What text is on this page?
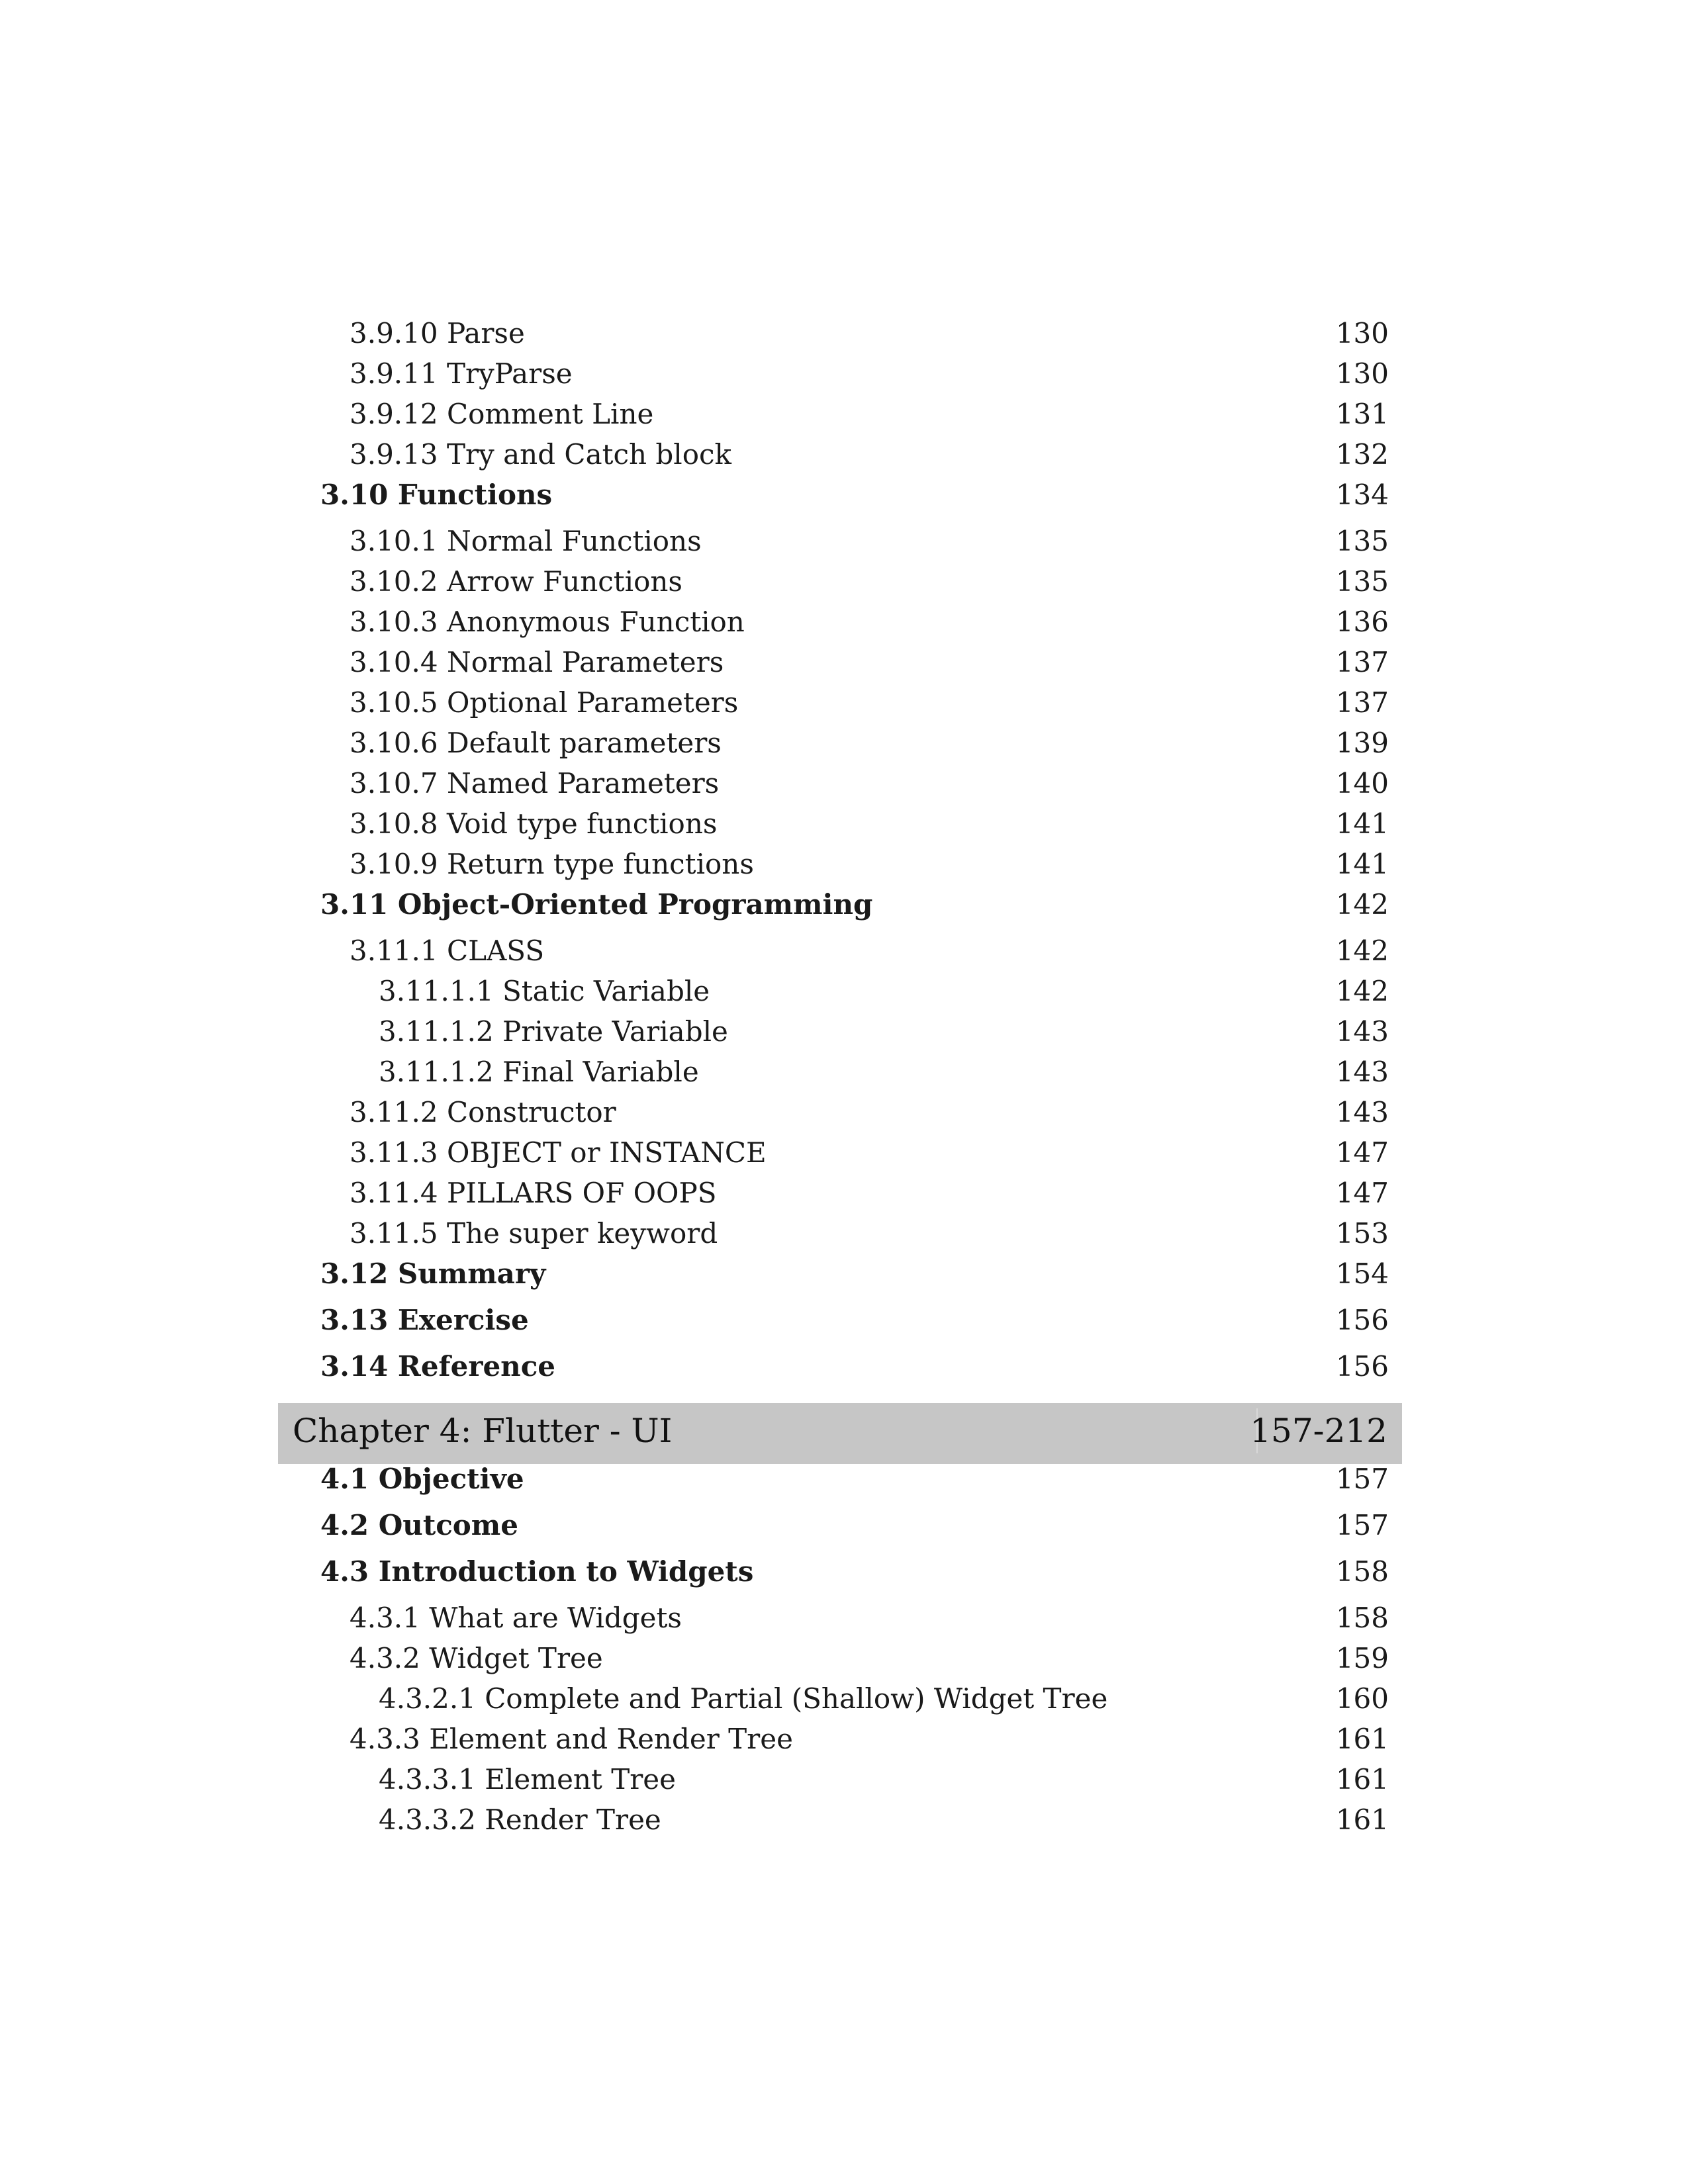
3.9.10 Parse	130
3.9.11 TryParse	130
3.9.12 Comment Line	131
3.9.13 Try and Catch block	132
3.10 Functions	134
3.10.1 Normal Functions	135
3.10.2 Arrow Functions	135
3.10.3 Anonymous Function	136
3.10.4 Normal Parameters	137
3.10.5 Optional Parameters	137
3.10.6 Default parameters	139
3.10.7 Named Parameters	140
3.10.8 Void type functions	141
3.10.9 Return type functions	141
3.11 Object-Oriented Programming	142
3.11.1 CLASS	142
3.11.1.1 Static Variable	142
3.11.1.2 Private Variable	143
3.11.1.2 Final Variable	143
3.11.2 Constructor	143
3.11.3 OBJECT or INSTANCE	147
3.11.4 PILLARS OF OOPS	147
3.11.5 The super keyword	153
3.12 Summary	154
3.13 Exercise	156
3.14 Reference	156
Chapter 4: Flutter - UI	157-212
4.1 Objective	157
4.2 Outcome	157
4.3 Introduction to Widgets	158
4.3.1 What are Widgets	158
4.3.2 Widget Tree	159
4.3.2.1 Complete and Partial (Shallow) Widget Tree	160
4.3.3 Element and Render Tree	161
4.3.3.1 Element Tree	161
4.3.3.2 Render Tree	161
